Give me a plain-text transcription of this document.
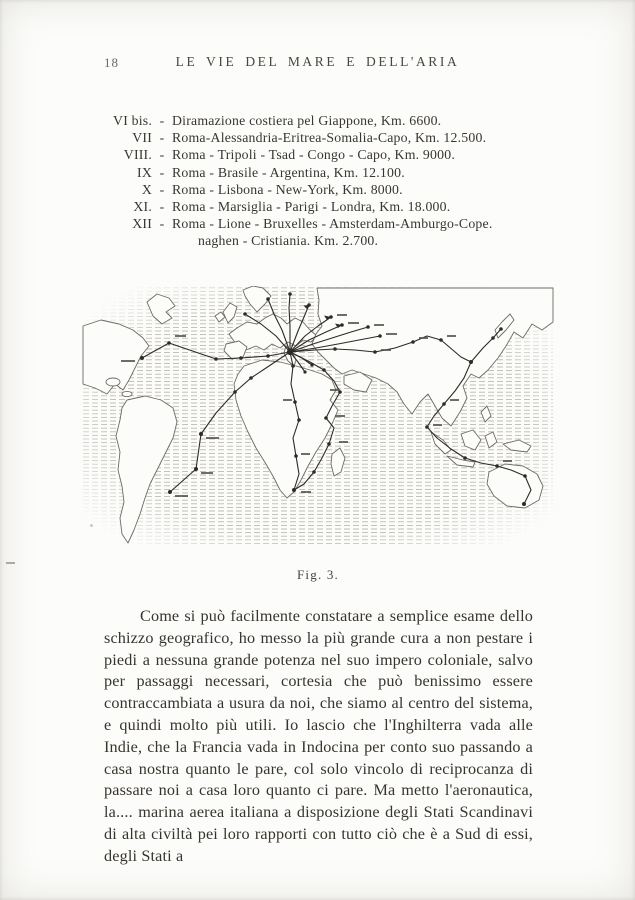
18	LE VIE DEL MARE E DELL'ARIA
VI bis. - Diramazione costiera pel Giappone, Km. 6600.
VII - Roma-Alessandria-Eritrea-Somalia-Capo, Km. 12.500.
VIII. - Roma - Tripoli - Tsad - Congo - Capo, Km. 9000.
IX - Roma - Brasile - Argentina, Km. 12.100.
X - Roma - Lisbona - New-York, Km. 8000.
XI. - Roma - Marsiglia - Parigi - Londra, Km. 18.000.
XII - Roma - Lione - Bruxelles - Amsterdam-Amburgo-Cope.
naghen - Cristiania. Km. 2.700.
Fig. 3.
Come si può facilmente constatare a semplice esame dello schizzo geografico, ho messo la più grande cura a non pestare i piedi a nessuna grande potenza nel suo impero coloniale, salvo per passaggi necessari, cortesia che può benissimo essere contraccambiata a usura da noi, che siamo al centro del sistema, e quindi molto più utili. Io lascio che l'Inghilterra vada alle Indie, che la Francia vada in Indocina per conto suo passando a casa nostra quanto le pare, col solo vincolo di reciprocanza di passare noi a casa loro quanto ci pare. Ma metto l'aeronautica, la.... marina aerea italiana a disposizione degli Stati Scandinavi di alta civiltà pei loro rapporti con tutto ciò che è a Sud di essi, degli Stati a
